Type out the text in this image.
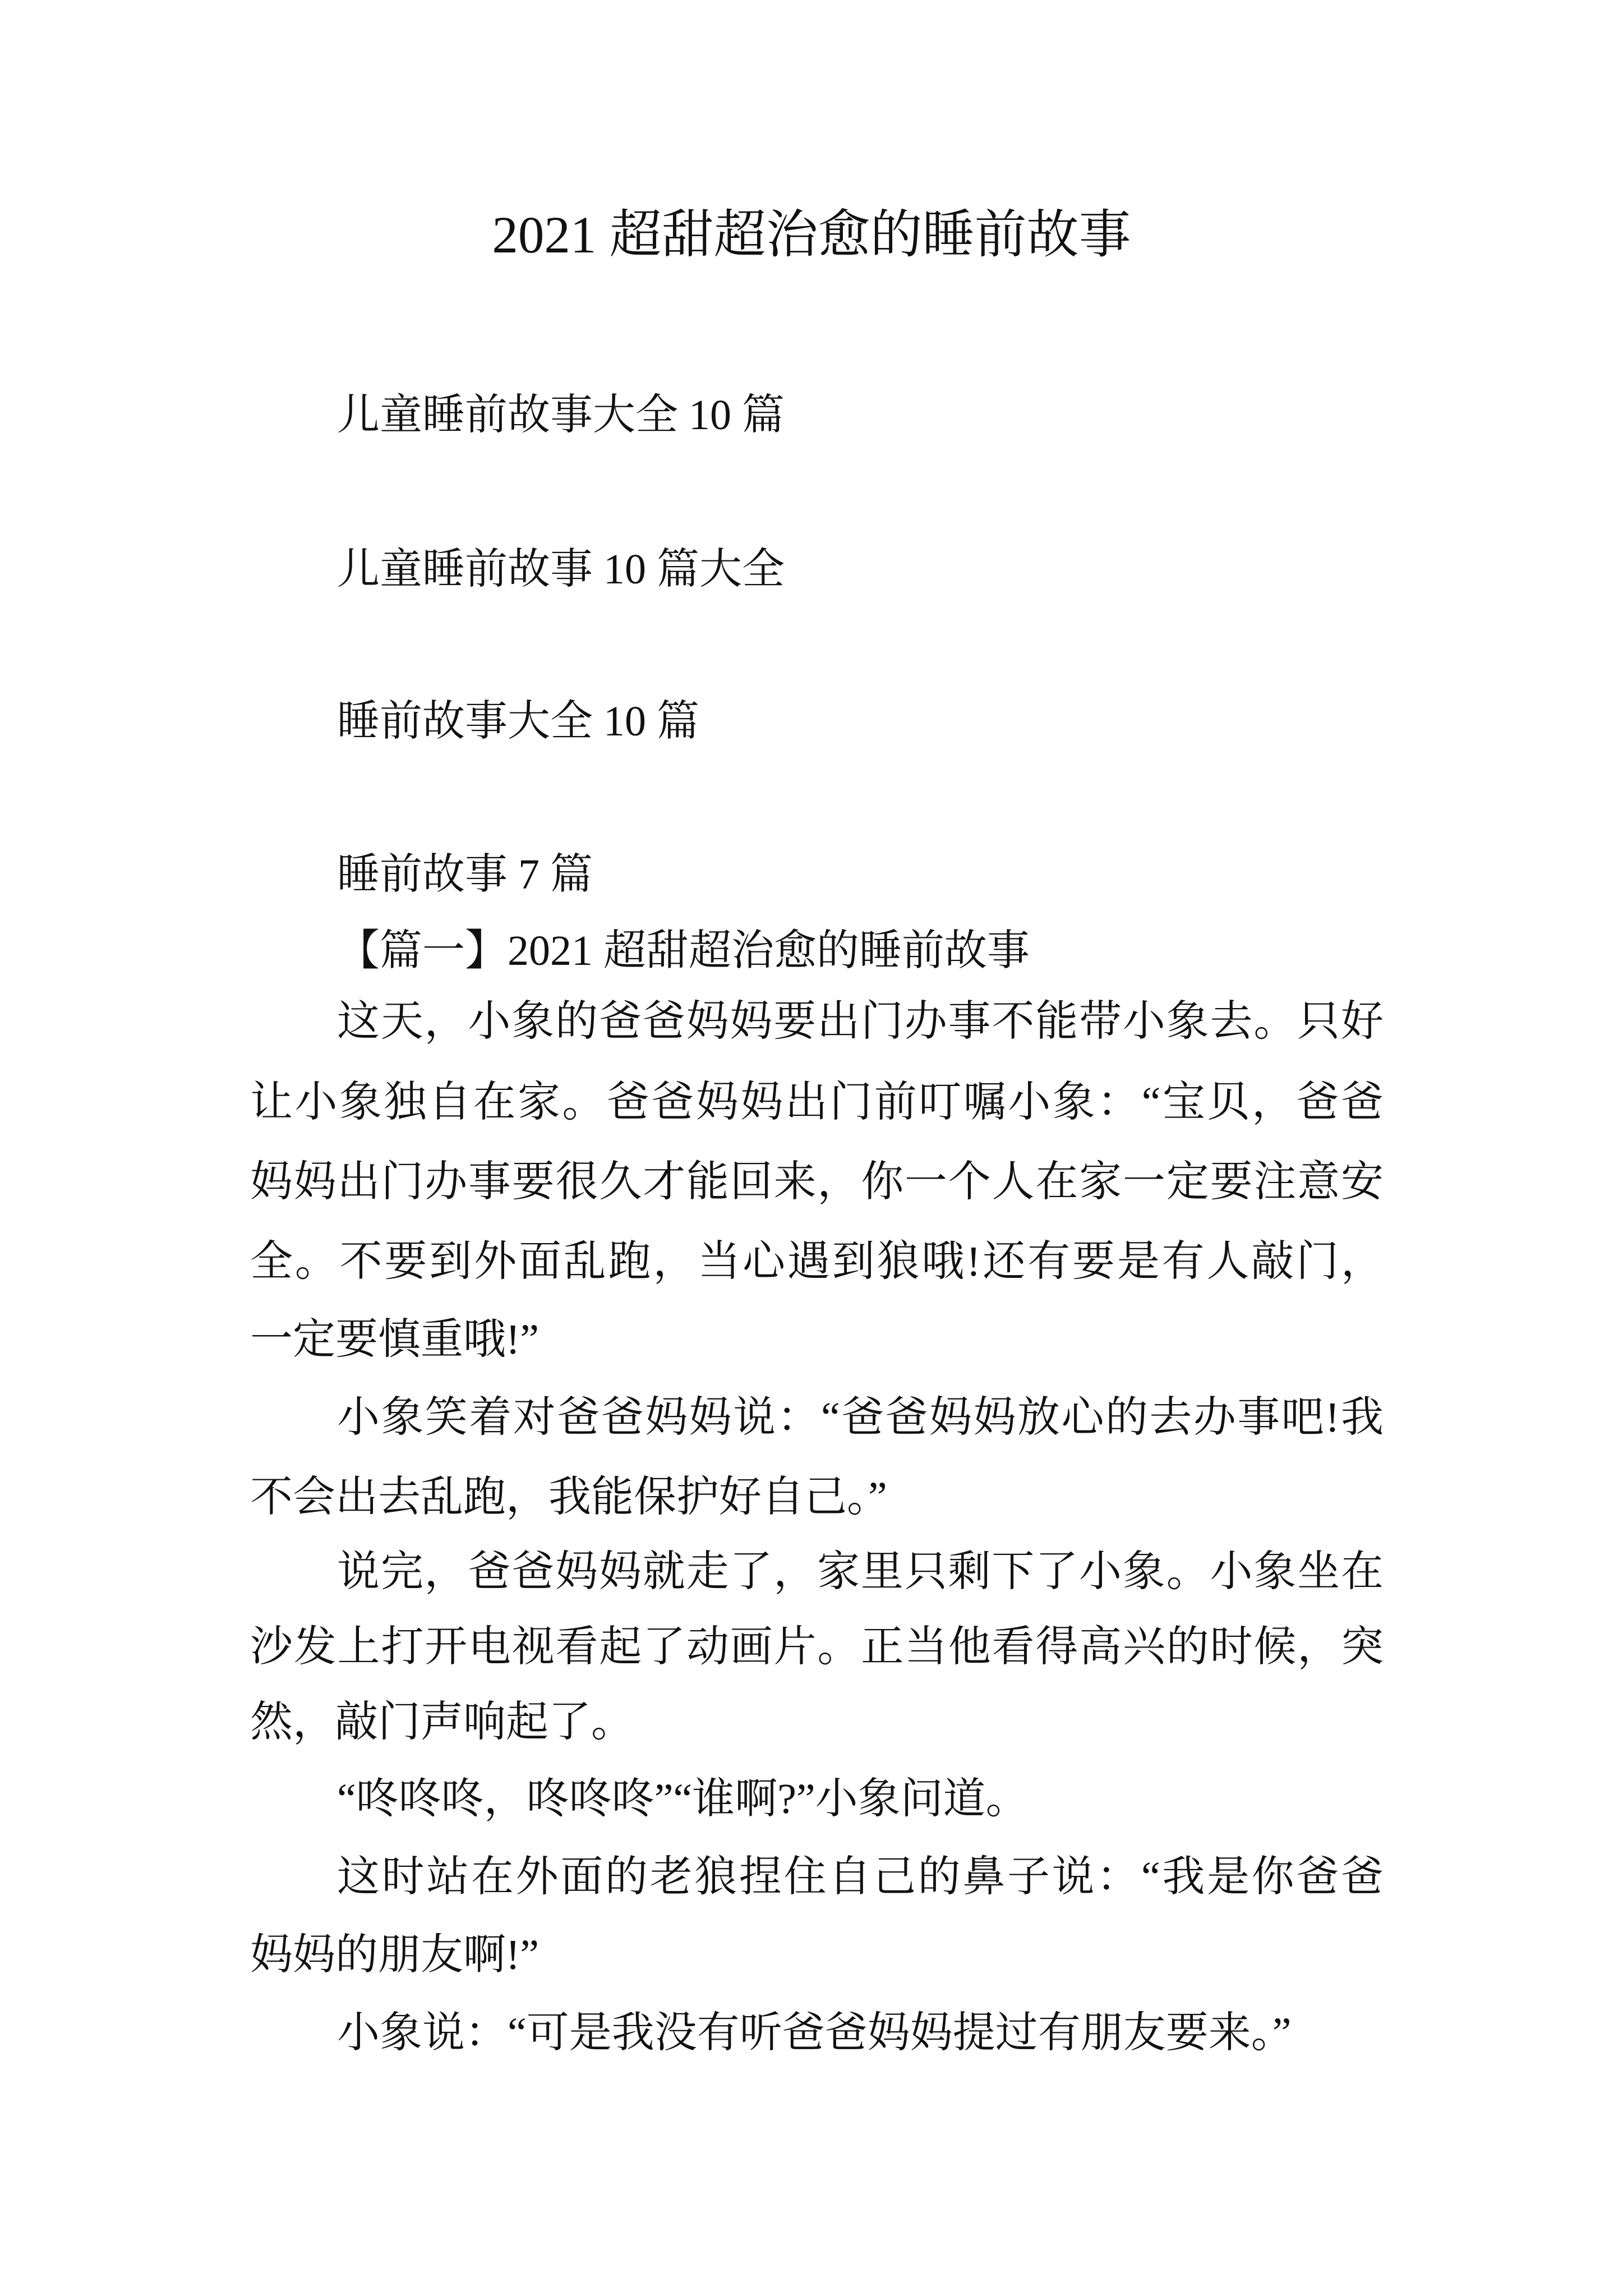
2021 超甜超治愈的睡前故事
儿童睡前故事大全 10 篇
儿童睡前故事 10 篇大全
睡前故事大全 10 篇
睡前故事 7 篇
【篇一】2021 超甜超治愈的睡前故事
这天，小象的爸爸妈妈要出门办事不能带小象去。只好
让小象独自在家。爸爸妈妈出门前叮嘱小象：“宝贝，爸爸
妈妈出门办事要很久才能回来，你一个人在家一定要注意安
全。不要到外面乱跑，当心遇到狼哦!还有要是有人敲门，
一定要慎重哦!”
小象笑着对爸爸妈妈说：“爸爸妈妈放心的去办事吧!我
不会出去乱跑，我能保护好自己。”
说完，爸爸妈妈就走了，家里只剩下了小象。小象坐在
沙发上打开电视看起了动画片。正当他看得高兴的时候，突
然，敲门声响起了。
“咚咚咚，咚咚咚”“谁啊?”小象问道。
这时站在外面的老狼捏住自己的鼻子说：“我是你爸爸
妈妈的朋友啊!”
小象说：“可是我没有听爸爸妈妈提过有朋友要来。”
